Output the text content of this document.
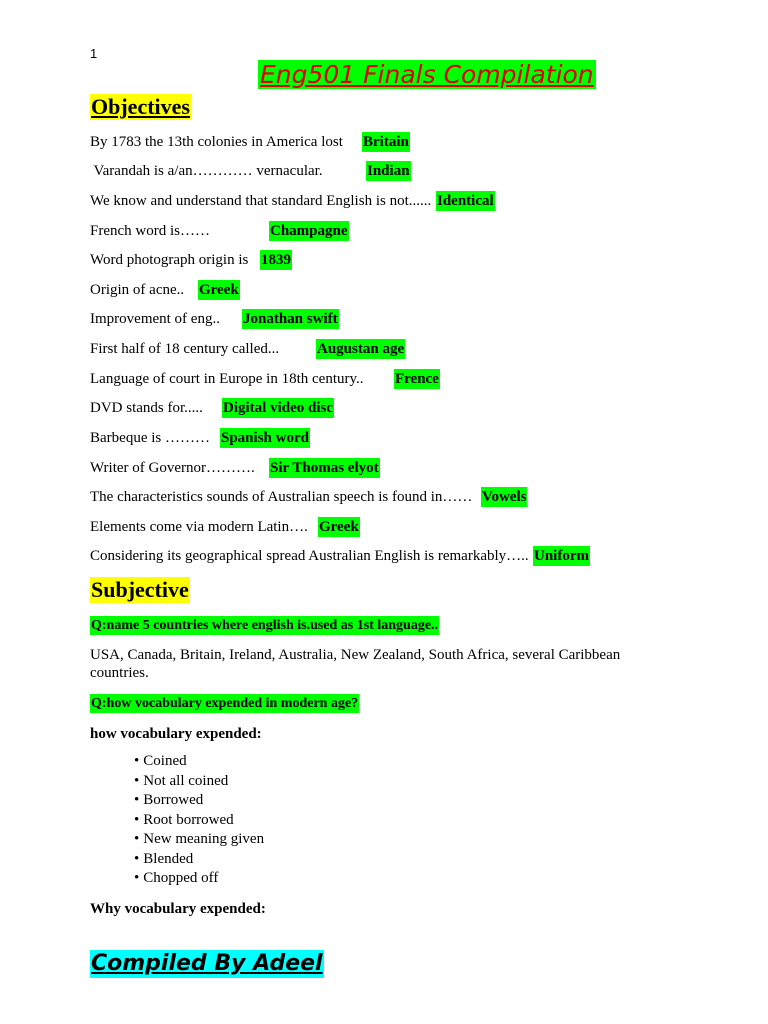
1
Eng501 Finals Compilation
Objectives
By 1783 the 13th colonies in America lost Britain
Varandah is a/an………… vernacular.	Indian
We know and understand that standard English is not...... Identical
French word is……	Champagne
Word photograph origin is 1839
Origin of acne.. Greek
Improvement of eng.. Jonathan swift
First half of 18 century called...	Augustan age
Language of court in Europe in 18th century.. Frence
DVD stands for..... Digital video disc
Barbeque is ……… Spanish word
Writer of Governor………. Sir Thomas elyot
The characteristics sounds of Australian speech is found in…… Vowels
Elements come via modern Latin…. Greek
Considering its geographical spread Australian English is remarkably….. Uniform
Subjective
Q:name 5 countries where english is.used as 1st language..
USA, Canada, Britain, Ireland, Australia, New Zealand, South Africa, several Caribbean countries.
Q:how vocabulary expended in modern age?
how vocabulary expended:
• Coined
• Not all coined
• Borrowed
• Root borrowed
• New meaning given
• Blended
• Chopped off
Why vocabulary expended:
Compiled By Adeel
